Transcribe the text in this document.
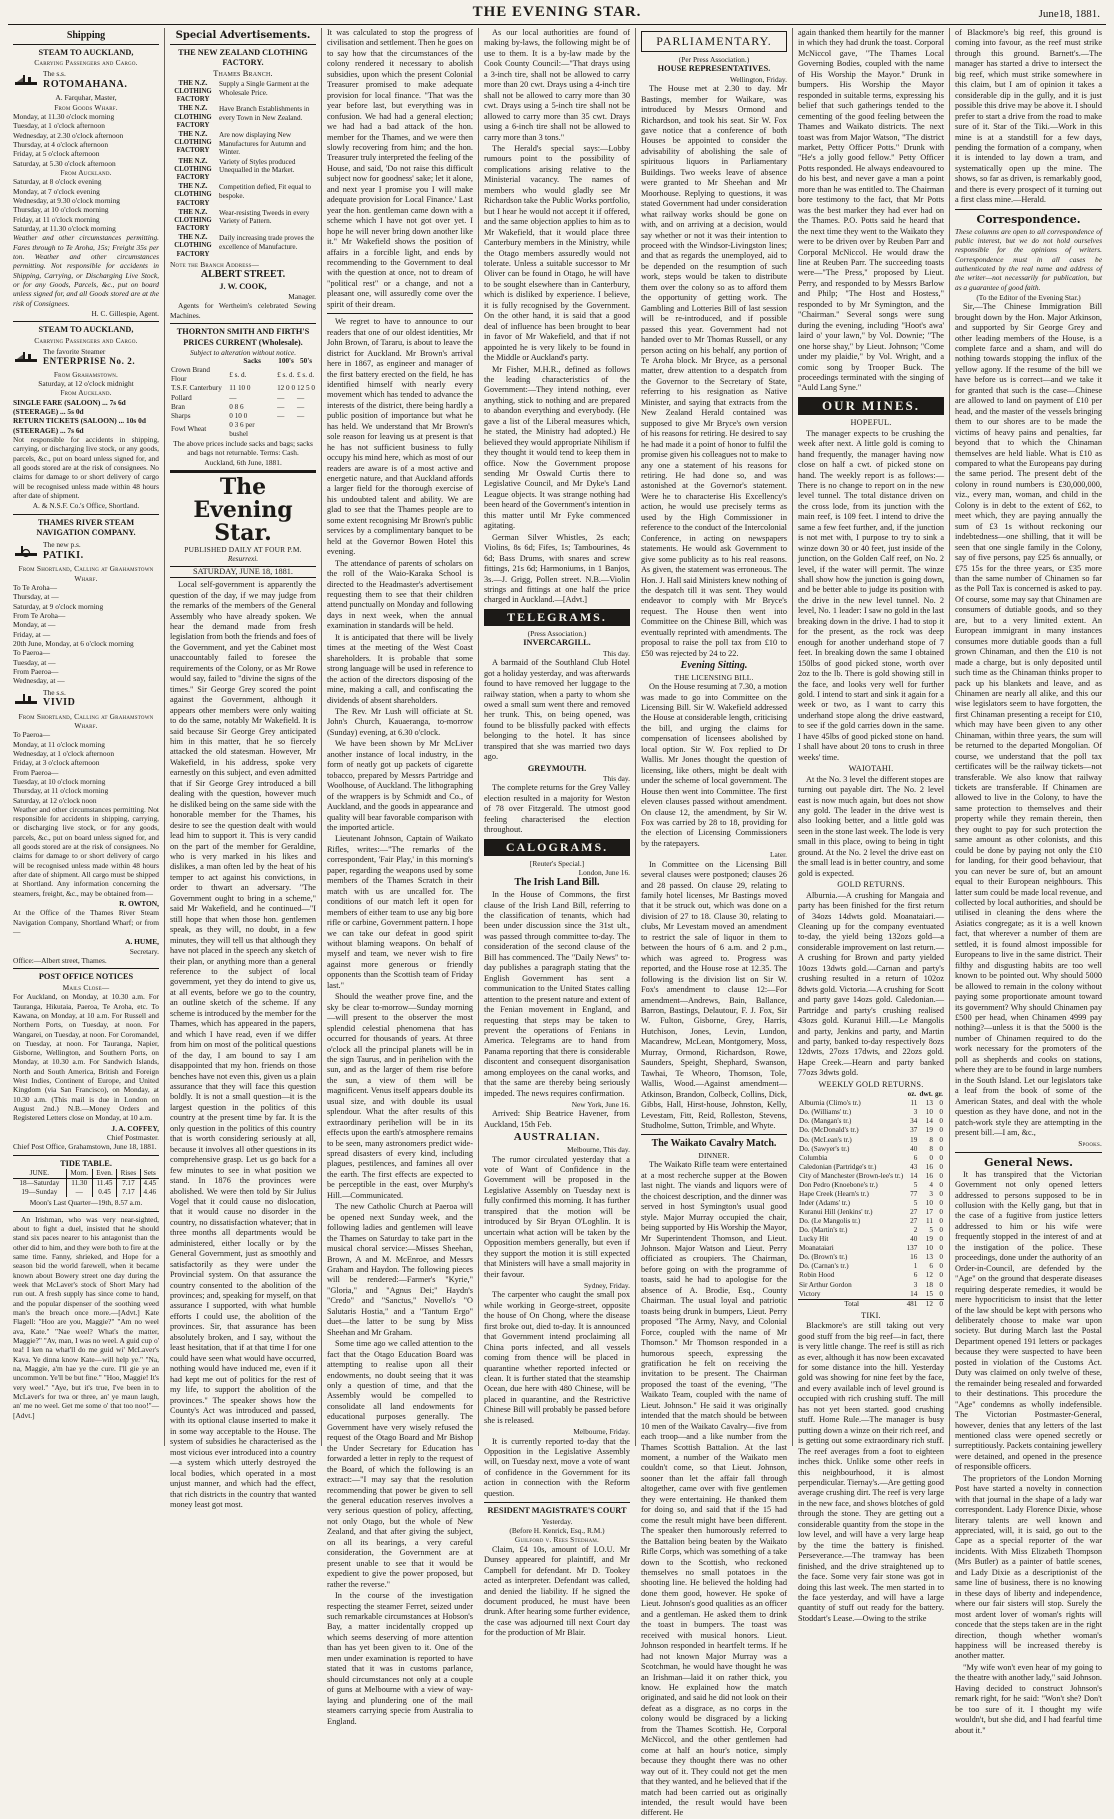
THE EVENING STAR.	June18, 1881.
Shipping
STEAM TO AUCKLAND,
Carrying Passengers and Cargo.
The s.s.
ROTOMAHANA.
A. Farquhar, Master,
From Goods Wharf.
Monday, at 11.30 o'clock morning
Tuesday, at 1 o'clock afternoon
Wednesday, at 2.30 o'clock afternoon
Thursday, at 4 o'clock afternoon
Friday, at 5 o'clock afternoon
Saturday, at 5.30 o'clock afternoon
From Auckland.
Saturday, at 8 o'clock evening
Monday, at 7 o'clock evening
Wednesday, at 9.30 o'clock morning
Thursday, at 10 o'clock morning
Friday, at 11 o'clock morning
Saturday, at 11.30 o'clock morning

Weather and other circumstances permitting. Fares through to Te Aroha, 15s; Freight 35s per ton. Weather and other circumstances permitting. Not responsible for accidents in Shipping, Carrying, or Discharging Live Stock, or for any Goods, Parcels, &c., put on board unless signed for, and all Goods stored are at the risk of Consignees.

H. C. Gillespie, Agent.
STEAM TO AUCKLAND,
Carrying Passengers and Cargo.
The favorite Steamer
ENTERPRISE No. 2.
From Grahamstown.
Saturday, at 12 o'clock midnight
From Auckland.
SINGLE FARE (SALOON) ... 7s 6d
(STEERAGE) ... 5s 0d
RETURN TICKETS (SALOON) ... 10s 0d
(STEERAGE) ... 7s 6d

Not responsible for accidents in shipping, carrying, or discharging live stock, or any goods, parcels, &c., put on board unless signed for, and all goods stored are at the risk of consignees. No claims for damage to or short delivery of cargo will be recognised unless made within 48 hours after date of shipment.

A. & N.S.F. Co.'s Office, Shortland.
THAMES RIVER STEAM NAVIGATION COMPANY.
The new p.s.
PATIKI.
From Shortland, Calling at Grahamstown Wharf.
To Te Aroha—
Thursday, at —
Saturday, at 9 o'clock morning
From Te Aroha—
Monday, at —
Friday, at —
20th June, Monday, at 6 o'clock morning
To Paeroa—
Tuesday, at —
From Paeroa—
Wednesday, at —
The s.s.
VIVID
From Shortland, Calling at Grahamstown Wharf.
To Paeroa—
Monday, at 11 o'clock morning
Wednesday, at 1 o'clock afternoon
Friday, at 3 o'clock afternoon
From Paeroa—
Tuesday, at 10 o'clock morning
Thursday, at 11 o'clock morning
Saturday, at 12 o'clock noon

Weather and other circumstances permitting. Not responsible for accidents in shipping, carrying, or discharging live stock, or for any goods, parcels, &c., put on board unless signed for, and all goods stored are at the risk of consignees. No claims for damage to or short delivery of cargo will be recognised unless made within 48 hours after date of shipment. All cargo must be shipped at Shortland. Any information concerning the steamers, freight, &c., may be obtained from—

R. OWTON,

At the Office of the Thames River Steam Navigation Company, Shortland Wharf; or from—

A. HUME,
Secretary.
Office:—Albert street, Thames.
POST OFFICE NOTICES
Mails Close—

For Auckland, on Monday, at 10.30 a.m. For Tauranga, Hikutaia, Paeroa, Te Aroha, etc. To Kawana, on Monday, at 10 a.m. For Russell and Northern Ports, on Tuesday, at noon. For Wangarei, on Tuesday, at noon. For Coromandel, on Tuesday, at noon. For Tauranga, Napier, Gisborne, Wellington, and Southern Ports, on Monday, at 10.30 a.m. For Sandwich Islands, North and South America, British and Foreign West Indies, Continent of Europe, and United Kingdom (via San Francisco), on Monday, at 10.30 a.m. (This mail is due in London on August 2nd.) N.B.—Money Orders and Registered Letters close on Monday, at 10 a.m.

J. A. COFFEY,
Chief Postmaster.
Chief Post Office, Grahamstown, June 18, 1881.
TIDE TABLE.
JUNE.	Morn.	Even.	Rises	Sets
18—Saturday	11.30	11.45	7.17	4.45
19—Sunday	—	0.45	7.17	4.46
Moon's Last Quarter—19th, 8.57 a.m.

An Irishman, who was very near-sighted, about to fight a duel, insisted that he should stand six paces nearer to his antagonist than the other did to him, and they were both to fire at the same time. Fanny, shrieked, and Hope for a season bid the world farewell, when it became known about Bowery street one day during the week that McLaver's stock of Short Mary had run out. A fresh supply has since come to hand, and the popular dispenser of the soothing weed man's the breach once more.—[Advt.] Kate Flagell: "Hoo are you, Maggie?" "Am no weel ava, Kate." "Nae weel? What's the matter, Maggie?" "Av, man, I was no weel. A guid cup o' tea! I ken na what'll do me guid wi' McLaver's Kava. Ye dinna know Kate—will help ye." "Na, na, Maggie, a'm hae ye the cure. I'll gie ye an uncommon. Ye'll be but fine." "Hoo, Maggie! It's very weel." "Aye, but it's true, I've been in to McLaver's for twa or three, an' ye maun laugh, an' me no weel. Get me some o' that too noo!"—[Advt.]

Special Advertisements.
THE NEW ZEALAND CLOTHING FACTORY.
Thames Branch.
THE N.Z. CLOTHING FACTORY
Supply a Single Garment at the Wholesale Price.
THE N.Z. CLOTHING FACTORY
Have Branch Establishments in every Town in New Zealand.
THE N.Z. CLOTHING FACTORY
Are now displaying New Manufactures for Autumn and Winter.
THE N.Z. CLOTHING FACTORY
Variety of Styles produced Unequalled in the Market.
THE N.Z. CLOTHING FACTORY
Competition defied, Fit equal to bespoke.
THE N.Z. CLOTHING FACTORY
Wear-resisting Tweeds in every Variety of Pattern.
THE N.Z. CLOTHING FACTORY
Daily increasing trade proves the excellence of Manufacture.
Note the Branch Address—
ALBERT STREET.
J. W. COOK,
Manager.

Agents for Wertheim's celebrated Sewing Machines.

THORNTON SMITH AND FIRTH'S PRICES CURRENT (Wholesale).
Subject to alteration without notice.
	Sacks	100's	50's
Crown Brand Flour	£ s. d.	£ s. d.	£ s. d.
T.S.F. Canterbury	11 10 0	12 0 0	12 5 0
Pollard	—	—	—
Bran	0 8 6	—	—
Sharps	0 10 0	—	—
Fowl Wheat	0 3 6 per bushel		
The above prices include sacks and bags; sacks and bags not returnable. Terms: Cash.
Auckland, 6th June, 1881.
The Evening Star.
PUBLISHED DAILY AT FOUR P.M.
Resurrexi.
SATURDAY, JUNE 18, 1881.

Local self-government is apparently the question of the day, if we may judge from the remarks of the members of the General Assembly who have already spoken. We hear the demand made from fresh legislation from both the friends and foes of the Government, and yet the Cabinet most unaccountably failed to foresee the requirements of the Colony, or as Mr Rowe would say, failed to "divine the signs of the times." Sir George Grey scored the point against the Government, although it appears other members were only waiting to do the same, notably Mr Wakefield. It is said because Sir George Grey anticipated him in this matter, that he so fiercely attacked the old statesman. However, Mr Wakefield, in his address, spoke very earnestly on this subject, and even admitted that if Sir George Grey introduced a bill dealing with the question, however much he disliked being on the same side with the honorable member for the Thames, his desire to see the question dealt with would lead him to support it. This is very candid on the part of the member for Geraldine, who is very marked in his likes and dislikes, a man often led by the heat of his temper to act against his convictions, in order to thwart an adversary. "The Government ought to bring in a scheme," said Mr Wakefield, and he continued—"I still hope that when those hon. gentlemen speak, as they will, no doubt, in a few minutes, they will tell us that although they have not placed in the speech any sketch of their plan, or anything more than a general reference to the subject of local government, yet they do intend to give us, at all events, before we go to the country, an outline sketch of the scheme. If any scheme is introduced by the member for the Thames, which has appeared in the papers, and which I have read, even if we differ from him on most of the political questions of the day, I am bound to say I am disappointed that my hon. friends on those benches have not even this, given us a plain assurance that they will face this question boldly. It is not a small question—it is the largest question in the politics of this country at the present time by far. It is the only question in the politics of this country that is worth considering seriously at all, because it involves all other questions in its comprehensive grasp. Let us go back for a few minutes to see in what position we stand. In 1876 the provinces were abolished. We were then told by Sir Julius Vogel that it could cause no dislocation, that it would cause no disorder in the country, no dissatisfaction whatever; that in three months all departments would be administered, either locally or by the General Government, just as smoothly and satisfactorily as they were under the Provincial system. On that assurance the country consented to the abolition of the provinces; and, speaking for myself, on that assurance I supported, with what humble efforts I could use, the abolition of the provinces. Sir, that assurance has been absolutely broken, and I say, without the least hesitation, that if at that time I for one could have seen what would have occurred, nothing would have induced me, even if it had kept me out of politics for the rest of my life, to support the abolition of the provinces." The speaker shows how the County's Act was introduced and passed, with its optional clause inserted to make it in some way acceptable to the House. The system of subsidies he characterised as the most vicious ever introduced into a country—a system which utterly destroyed the local bodies, which operated in a most unjust manner, and which had the effect, that rich districts in the country that wanted money least got most.

It was calculated to stop the progress of civilisation and settlement. Then he goes on to say how that the circumstances of the colony rendered it necessary to abolish subsidies, upon which the present Colonial Treasurer promised to make adequate provision for local finance. "That was the year before last, but everything was in confusion. We had had a general election; we had had a bad attack of the hon. member for the Thames, and we were then slowly recovering from him; and the hon. Treasurer truly interpreted the feeling of the House, and said, 'Do not raise this difficult subject now for goodness' sake; let it alone, and next year I promise you I will make adequate provision for Local Finance.' Last year the hon. gentleman came down with a scheme which I have not got over yet. I hope he will never bring down another like it." Mr Wakefield shows the position of affairs in a forcible light, and ends by recommending to the Government to deal with the question at once, not to dream of "political rest" or a change, and not a pleasant one, will assuredly come over the spirit of their dream.

We regret to have to announce to our readers that one of our oldest identities, Mr John Brown, of Tararu, is about to leave the district for Auckland. Mr Brown's arrival here in 1867, as engineer and manager of the first battery erected on the field, he has identified himself with nearly every movement which has tended to advance the interests of the district, there being hardly a public position of importance but what he has held. We understand that Mr Brown's sole reason for leaving us at present is that he has not sufficient business to fully occupy his mind here, which as most of our readers are aware is of a most active and energetic nature, and that Auckland affords a larger field for the thorough exercise of his undoubted talent and ability. We are glad to see that the Thames people are to some extent recognising Mr Brown's public services by a complimentary banquet to be held at the Governor Bowen Hotel this evening.

The attendance of parents of scholars on the roll of the Waio-Karaka School is directed to the Headmaster's advertisement requesting them to see that their children attend punctually on Monday and following days in next week, when the annual examination in standards will be held.

It is anticipated that there will be lively times at the meeting of the West Coast shareholders. It is probable that some strong language will be used in reference to the action of the directors disposing of the mine, making a call, and confiscating the dividends of absent shareholders.

The Rev. Mr Lush will officiate at St. John's Church, Kauaeranga, to-morrow (Sunday) evening, at 6.30 o'clock.

We have been shown by Mr McLiver another instance of local industry, in the form of neatly got up packets of cigarette tobacco, prepared by Messrs Partridge and Woolhouse, of Auckland. The lithographing of the wrappers is by Schmidt and Co., of Auckland, and the goods in appearance and quality will bear favorable comparison with the imported article.

Lieutenant Johnson, Captain of Waikato Rifles, writes:—"The remarks of the correspondent, 'Fair Play,' in this morning's paper, regarding the weapons used by some members of the Thames Scratch in their match with us are uncalled for. The conditions of our match left it open for members of either team to use any big bore rifle or carbine, Government pattern. I hope we can take our defeat in good spirit without blaming weapons. On behalf of myself and team, we never wish to fire against more generous or friendly opponents than the Scottish team of Friday last."

Should the weather prove fine, and the sky be clear to-morrow—Sunday morning—will present to the observer the most splendid celestial phenomena that has occurred for thousands of years. At three o'clock all the principal planets will be in the sign Taurus, and in perihelion with the sun, and as the larger of them rise before the sun, a view of them will be magnificent. Venus itself appears double its usual size, and with double its usual splendour. What the after results of this extraordinary perihelion will be in its effects upon the earth's atmosphere remains to be seen, many astronomers predict wide-spread disasters of every kind, including plagues, pestilences, and famines all over the earth. The first effects are expected to be perceptible in the east, over Murphy's Hill.—Communicated.

The new Catholic Church at Paeroa will be opened next Sunday week, and the following ladies and gentlemen will leave the Thames on Saturday to take part in the musical choral service:—Misses Sheehan, Brown, A and M. McEnroe, and Messrs Graham and Haydon. The following pieces will be rendered:—Farmer's "Kyrie," "Gloria," and "Agnus Dei;" Haydn's "Credo" and "Sanctus," Novello's "O Salutaris Hostia," and a "Tantum Ergo" duet—the latter to be sung by Miss Sheehan and Mr Graham.

Some time ago we called attention to the fact that the Otago Education Board was attempting to realise upon all their endowments, no doubt seeing that it was only a question of time, and that the Assembly would be compelled to consolidate all land endowments for educational purposes generally. The Government have very wisely refused the request of the Otago Board and Mr Bishop the Under Secretary for Education has forwarded a letter in reply to the request of the Board, of which the following is an extract:—"I may say that the resolution recommending that power be given to sell the general education reserves involves a very serious question of policy, affecting, not only Otago, but the whole of New Zealand, and that after giving the subject, on all its bearings, a very careful consideration, the Government are at present unable to see that it would be expedient to give the power proposed, but rather the reverse."

In the course of the investigation respecting the steamer Ferret, seized under such remarkable circumstances at Hobson's Bay, a matter incidentally cropped up which seems deserving of more attention than has yet been given to it. One of the men under examination is reported to have stated that it was in customs parlance, should circumstances not only at a couple of guns at Melbourne with a view of way-laying and plundering one of the mail steamers carrying specie from Australia to England.

As our local authorities are found of making by-laws, the following might be of use to them. It is a by-law made by the Cook County Council:—"That drays using a 3-inch tire, shall not be allowed to carry more than 20 cwt. Drays using a 4-inch tire shall not be allowed to carry more than 30 cwt. Drays using a 5-inch tire shall not be allowed to carry more than 35 cwt. Drays using a 6-inch tire shall not be allowed to carry more than 3 tons."

The Herald's special says:—Lobby rumours point to the possibility of complications arising relative to the Ministerial vacancy. The names of members who would gladly see Mr Richardson take the Public Works portfolio, but I hear he would not accept it if offered, and the same objection applies to him as to Mr Wakefield, that it would place three Canterbury members in the Ministry, while the Otago members assuredly would not tolerate. Unless a suitable successor to Mr Oliver can be found in Otago, he will have to be sought elsewhere than in Canterbury, which is disliked by experience. I believe, it is fully recognised by the Government. On the other hand, it is said that a good deal of influence has been brought to bear in favor of Mr Wakefield, and that if not appointed he is very likely to be found in the Middle or Auckland's party.

Mr Fisher, M.H.R., defined as follows the leading characteristics of the Government:—They intend nothing, ever anything, stick to nothing and are prepared to abandon everything and everybody. (He gave a list of the Liberal measures which, he stated, the Ministry had adopted.) He believed they would appropriate Nihilism if they thought it would tend to keep them in office. Now the Government propose sending Mr Oswald Curtis there to Legislative Council, and Mr Dyke's Land League objects. It was strange nothing had been heard of the Government's intention in this matter until Mr Fyke commenced agitating.

German Silver Whistles, 2s each; Violins, 8s 6d; Fifes, 1s; Tambourines, 4s 6d; Bass Drums, with snares and screw fittings, 21s 6d; Harmoniums, in 1 Banjos, 3s.—J. Grigg, Pollen street. N.B.—Violin strings and fittings at one half the price charged in Auckland.—[Advt.]

TELEGRAMS.
(Press Association.)
INVERCARGILL.
This day.

A barmaid of the Southland Club Hotel got a holiday yesterday, and was afterwards found to have removed her luggage to the railway station, when a party to whom she owed a small sum went there and removed her trunk. This, on being opened, was found to be blissfully packed with effects belonging to the hotel. It has since transpired that she was married two days ago.

GREYMOUTH.
This day.

The complete returns for the Grey Valley election resulted in a majority for Weston of 78 over Fitzgerald. The utmost good feeling characterised the election throughout.

CALOGRAMS.
[Reuter's Special.]
London, June 16.
The Irish Land Bill.

In the House of Commons, the first clause of the Irish Land Bill, referring to the classification of tenants, which had been under discussion since the 31st ult., was passed through committee to-day. The consideration of the second clause of the Bill has commenced. The "Daily News" to-day publishes a paragraph stating that the English Government has sent a communication to the United States calling attention to the present nature and extent of the Fenian movement in England, and requesting that steps may be taken to prevent the operations of Fenians in America. Telegrams are to hand from Panama reporting that there is considerable discontent and consequent disorganisation among employees on the canal works, and that the same are thereby being seriously impeded. The news requires confirmation.

New York, June 16.

Arrived: Ship Beatrice Havener, from Auckland, 15th Feb.

AUSTRALIAN.
Melbourne, This day.

The rumor circulated yesterday that a vote of Want of Confidence in the Government will be proposed in the Legislative Assembly on Tuesday next is fully confirmed this morning. It has further transpired that the motion will be introduced by Sir Bryan O'Loghlin. It is uncertain what action will be taken by the Opposition members generally, but even if they support the motion it is still expected that Ministers will have a small majority in their favour.

Sydney, Friday.

The carpenter who caught the small pox while working in George-street, opposite the house of On Chong, where the disease first broke out, died to-day. It is announced that Government intend proclaiming all China ports infected, and all vessels coming from thence will be placed in quarantine whether reported infected or clean. It is further stated that the steamship Ocean, due here with 480 Chinese, will be placed in quarantine, and the Restrictive Chinese Bill will probably be passed before she is released.

Melbourne, Friday.

It is currently reported to-day that the Opposition in the Legislative Assembly will, on Tuesday next, move a vote of want of confidence in the Government for its action in connection with the Reform question.

RESIDENT MAGISTRATE'S COURT
Yesterday.
(Before H. Kenrick, Esq., R.M.)
Guilford v. Rees Stedham.

Claim, £4 10s, amount of I.O.U. Mr Dunsey appeared for plaintiff, and Mr Campbell for defendant. Mr D. Tookey acted as interpreter. Defendant was called, and denied the liability. If he signed the document produced, he must have been drunk. After hearing some further evidence, the case was adjourned till next Court day for the production of Mr Blair.

PARLIAMENTARY.
(Per Press Association.)
HOUSE REPRESENTATIVES.
Wellington, Friday.

The House met at 2.30 to day. Mr Bastings, member for Waikare, was introduced by Messrs Ormond and Richardson, and took his seat. Sir W. Fox gave notice that a conference of both Houses be appointed to consider the advisability of abolishing the sale of spirituous liquors in Parliamentary Buildings. Two weeks leave of absence were granted to Mr Sheehan and Mr Moorhouse. Replying to questions, it was stated Government had under consideration what railway works should be gone on with, and on arriving at a decision, would say whether or not it was their intention to proceed with the Windsor-Livingston lines; and that as regards the unemployed, aid to be depended on the resumption of such work, steps would be taken to distribute them over the colony so as to afford them the opportunity of getting work. The Gambling and Lotteries Bill of last session will be re-introduced, and if possible passed this year. Government had not handed over to Mr Thomas Russell, or any person acting on his behalf, any portion of Te Aroha block. Mr Bryce, as a personal matter, drew attention to a despatch from the Governor to the Secretary of State, referring to his resignation as Native Minister, and saying that extracts from the New Zealand Herald contained was supposed to give Mr Bryce's own version of his reasons for retiring. He desired to say he had made it a point of honor to fulfil the promise given his colleagues not to make to any one a statement of his reasons for retiring. He had done so, and was astonished at the Governor's statement. Were he to characterise His Excellency's action, he would use precisely terms as used by the High Commissioner in reference to the conduct of the Intercolonial Conference, in acting on newspapers statements. He would ask Government to give some publicity as to his real reasons. As given, the statement was erroneous. The Hon. J. Hall said Ministers knew nothing of the despatch till it was sent. They would endeavor to comply with Mr Bryce's request. The House then went into Committee on the Chinese Bill, which was eventually reprinted with amendments. The proposal to raise the poll tax from £10 to £50 was rejected by 24 to 22.

Evening Sitting.
THE LICENSING BILL.

On the House resuming at 7.30, a motion was made to go into Committee on the Licensing Bill. Sir W. Wakefield addressed the House at considerable length, criticising the bill, and urging the claims for compensation of licensees abolished by local option. Sir W. Fox replied to Dr Wallis. Mr Jones thought the question of licensing, like others, might be dealt with under the scheme of local government. The House then went into Committee. The first eleven clauses passed without amendment. On clause 12, the amendment, by Sir W. Fox was carried by 28 to 18, providing for the election of Licensing Commissioners by the ratepayers.

Later.

In Committee on the Licensing Bill several clauses were postponed; clauses 26 and 28 passed. On clause 29, relating to family hotel licenses, Mr Bastings moved that it be struck out, which was done on a division of 27 to 18. Clause 30, relating to clubs, Mr Levestam moved an amendment to restrict the sale of liquor in them to between the hours of 6 a.m. and 2 p.m., which was agreed to. Progress was reported, and the House rose at 12.35. The following is the division list on Sir W. Fox's amendment to clause 12:—For amendment—Andrews, Bain, Ballance, Barron, Bastings, Delautour, F. J. Fox, Sir W. Fulton, Gisborne, Grey, Harris, Hutchison, Jones, Levin, Lundon, Macandrew, McLean, Montgomery, Moss, Murray, Ormond, Richardson, Rowe, Saunders, Speight, Shephard, Swanson, Tawhai, Te Wheoro, Thomson, Tole, Wallis, Wood.—Against amendment—Atkinson, Brandon, Colbeck, Collins, Dick, Gibbs, Hall, Hirst-house, Johnston, Kelly, Levestam, Fitt, Reid, Rolleston, Stevens, Studholme, Sutton, Trimble, and Whyte.

The Waikato Cavalry Match.
DINNER.

The Waikato Rifle team were entertained at a most recherche supper at the Bowen last night. The viands and liquors were of the choicest description, and the dinner was served in host Symington's usual good style. Major Murray occupied the chair, being supported by His Worship the Mayor, Mr Superintendent Thomson, and Lieut. Johnson. Major Watson and Lieut. Perry officiated as croupiers. The Chairman, before going on with the programme of toasts, said he had to apologise for the absence of A. Brodie, Esq., County Chairman. The usual loyal and patriotic toasts being drunk in bumpers, Lieut. Perry proposed "The Army, Navy, and Colonial Force, coupled with the name of Mr Thomson." Mr Thomson responded in a humorous speech, expressing the gratification he felt on receiving the invitation to be present. The Chairman proposed the toast of the evening, "The Waikato Team, coupled with the name of Lieut. Johnson." He said it was originally intended that the match should be between 10 men of the Waikato Cavalry—five from each troop—and a like number from the Thames Scottish Battalion. At the last moment, a number of the Waikato men couldn't come, so that Lieut. Johnson, sooner than let the affair fall through altogether, came over with five gentlemen they were entertaining. He thanked them for doing so, and said that if the 15 had come the result might have been different. The speaker then humorously referred to the Battalion being beaten by the Waikato Rifle Corps, which was something of a take down to the Scottish, who reckoned themselves no small potatoes in the shooting line. He believed the holding had done them good, however. He spoke of Lieut. Johnson's good qualities as an officer and a gentleman. He asked them to drink the toast in bumpers. The toast was received with musical honors. Lieut. Johnson responded in heartfelt terms. If he had not known Major Murray was a Scotchman, he would have thought he was an Irishman—laid it on rather thick, you know. He explained how the match originated, and said he did not look on their defeat as a disgrace, as no corps in the colony would be disgraced by a licking from the Thames Scottish. He, Corporal McNiccol, and the other gentlemen had come at half an hour's notice, simply because they thought there was no other way out of it. They could not get the men that they wanted, and he believed that if the match had been carried out as originally intended, the result would have been different. He

again thanked them heartily for the manner in which they had drunk the toast. Corporal McNiccol gave, "The Thames Local Governing Bodies, coupled with the name of His Worship the Mayor." Drunk in bumpers. His Worship the Mayor responded in suitable terms, expressing his belief that such gatherings tended to the cementing of the good feeling between the Thames and Waikato districts. The next toast was from Major Watson, "The district market, Petty Officer Potts." Drunk with "He's a jolly good fellow." Petty Officer Potts responded. He always endeavoured to do his best, and never gave a man a point more than he was entitled to. The Chairman bore testimony to the fact, that Mr Potts was the best marker they had ever had on the Thames. P.O. Potts said he heard that the next time they went to the Waikato they were to be driven over by Reuben Parr and Corporal McNiccol. He would draw the line at Reuben Parr. The succeeding toasts were—"The Press," proposed by Lieut. Perry, and responded to by Messrs Barlow and Philp; "The Host and Hostess," responded to by Mr Symington, and the "Chairman." Several songs were sung during the evening, including "Hoot's awa' laird o' your lawn," by Vol. Downie; "The one horse shay," by Lieut. Johnson; "Come under my plaidie," by Vol. Wright, and a comic song by Trooper Buck. The proceedings terminated with the singing of "Auld Lang Syne."

OUR MINES.
HOPEFUL.

The manager expects to be crushing the week after next. A little gold is coming to hand frequently, the manager having now close on half a cwt. of picked stone on hand. The weekly report is as follows:—There is no change to report on in the new level tunnel. The total distance driven on the cross lode, from its junction with the main reef, is 109 feet. I intend to drive the same a few feet further, and, if the junction is not met with, I purpose to try to sink a winze down 30 or 40 feet, just inside of the junction, on the Golden Calf reef, on No. 2 level, if the water will permit. The winze shall show how the junction is going down, and be better able to judge its position with the drive in the new level tunnel. No. 2 level, No. 1 leader: I saw no gold in the last breaking down in the drive. I had to stop it for the present, as the rock was deep enough for another underhand stope of 7 feet. In breaking down the same I obtained 150lbs of good picked stone, worth over 2oz to the lb. There is gold showing still in the face, and looks very well for further gold. I intend to start and sink it again for a week or two, as I want to carry this underhand stope along the drive eastward, to see if the gold carries down in the same. I have 45lbs of good picked stone on hand. I shall have about 20 tons to crush in three weeks' time.

WAIOTAHI.

At the No. 3 level the different stopes are turning out payable dirt. The No. 2 level east is now much again, but does not show any gold. The leader in the drive west is also looking better, and a little gold was seen in the stone last week. The lode is very small in this place, owing to being in tight ground. At the No. 2 level the drive east on the small lead is in better country, and some gold is expected.

GOLD RETURNS.

Alburnia.—A crushing for Mangaia and party has been finished for the first return of 34ozs 14dwts gold. Moanataiari.—Cleaning up for the company eventuated to-day, the yield being 132ozs gold—a considerable improvement on last return.—A crushing for Brown and party yielded 10ozs 13dwts gold.—Carnan and party's crushing resulted in a return of 102oz 8dwts gold. Victoria.—A crushing for Scott and party gave 14ozs gold. Caledonian.—Partridge and party's crushing realised 43ozs gold. Kuranui Hill.—Le Mangolis and party, Jenkins and party, and Martin and party, banked to-day respectively 8ozs 12dwts, 27ozs 17dwts, and 22ozs gold. Hape Creek.—Hearn and party banked 77ozs 3dwts gold.

WEEKLY GOLD RETURNS.
	oz.	dwt.	gr.
Alburnia (Climo's tr.)	11	13	0
Do. (Williams' tr.)	3	10	0
Do. (Mangan's tr.)	34	14	0
Do. (McDonald's tr.)	37	19	0
Do. (McLean's tr.)	19	8	0
Do. (Sawyer's tr.)	40	8	0
Columbia	6	0	0
Caledonian (Partridge's tr.)	43	16	0
City of Manchester (Brown-lee's tr.)	14	16	0
Don Pedro (Knoebone's tr.)	5	4	0
Hape Creek (Hearn's tr.)	77	3	0
Inder (Adams' tr.)	5	10	0
Kuranui Hill (Jenkins' tr.)	27	17	0
Do. (Le Mangolis tr.)	27	11	0
Do. (Martin's tr.)	2	5	0
Lucky Hit	40	19	0
Moanataiari	137	10	0
Do. (Brown's tr.)	16	13	0
Do. (Carnan's tr.)	1	6	0
Robin Hood	6	12	0
Sir Arthur Gordon	3	18	0
Victory	14	15	0
Total	481	12	0
TIKI.

Blackmore's are still taking out very good stuff from the big reef—in fact, there is very little change. The reef is still as rich as ever, although it has now been excavated for some distance into the hill. Yesterday gold was showing for nine feet by the face, and every available inch of level ground is occupied with rich crushing stuff. The mill has not yet been started. good crushing stuff. Home Rule.—The manager is busy putting down a winze on their rich reef, and is getting out some extraordinary rich stuff. The reef averages from a foot to eighteen inches thick. Unlike some other reefs in this neighbourhood, it is almost perpendicular. Tiernay's.—Are getting good average crushing dirt. The reef is very large in the new face, and shows blotches of gold through the stone. They are getting out a considerable quantity from the stope in the low level, and will have a very large heap by the time the battery is finished. Perseverance.—The tramway has been finished, and the drive straightened up to the face. Some very fair stone was got in doing this last week. The men started in to the face yesterday, and will have a large quantity of stuff out ready for the battery. Stoddart's Lease.—Owing to the strike

of Blackmore's big reef, this ground is coming into favour, as the reef must strike through this ground. Barnett's.—The manager has started a drive to intersect the big reef, which must strike somewhere in this claim, but I am of opinion it takes a considerable dip in the gully, and it is just possible this drive may be above it. I should prefer to start a drive from the road to make sure of it. Star of the Tiki.—Work in this mine is at a standstill for a few days, pending the formation of a company, when it is intended to lay down a tram, and systematically open up the mine. The shows, so far as driven, is remarkably good, and there is every prospect of it turning out a first class mine.—Herald.

Correspondence.

These columns are open to all correspondence of public interest, but we do not hold ourselves responsible for the opinions of writers. Correspondence must in all cases be authenticated by the real name and address of the writer—not necessarily for publication, but as a guarantee of good faith.

(To the Editor of the Evening Star.)

Sir,—The Chinese Immigration Bill brought down by the Hon. Major Atkinson, and supported by Sir George Grey and other leading members of the House, is a complete farce and a sham, and will do nothing towards stopping the influx of the yellow agony. If the resume of the bill we have before us is correct—and we take it for granted that such is the case—Chinese are allowed to land on payment of £10 per head, and the master of the vessels bringing them to our shores are to be made the victims of heavy pains and penalties, far beyond that to which the Chinaman themselves are held liable. What is £10 as compared to what the Europeans pay during the same period. The present debt of the colony in round numbers is £30,000,000, viz., every man, woman, and child in the Colony is in debt to the extent of £62, to meet which, they are paying annually the sum of £3 1s without reckoning our indebtedness—one shilling, that it will be seen that one single family in the Colony, say of five persons, pay £25 6s annually, or £75 15s for the three years, or £35 more than the same number of Chinamen so far as the Poll Tax is concerned is asked to pay. Of course, some may say that Chinamen are consumers of dutiable goods, and so they are, but to a very limited extent. An European immigrant in many instances consumes more dutiable goods than a full grown Chinaman, and then the £10 is not made a charge, but is only deposited until such time as the Chinaman thinks proper to pack up his blankets and leave, and as Chinamen are nearly all alike, and this our wise legislators seem to have forgotten, the first Chinaman presenting a receipt for £10, which may have been given to any other Chinaman, within three years, the sum will be returned to the departed Mongolian. Of course, we understand that the poll tax certificates will be the railway tickets—not transferable. We also know that railway tickets are transferable. If Chinamen are allowed to live in the Colony, to have the same protection to themselves and their property while they remain therein, then they ought to pay for such protection the same amount as other colonists, and this could be done by paying not only the £10 for landing, for their good behaviour, that you can never be sure of, but an amount equal to their European neighbours. This latter sum could be made local revenue, and collected by local authorities, and should be utilised in cleaning the dens where the Asiatics congregate; as it is a well known fact, that wherever a number of them are settled, it is found almost impossible for Europeans to live in the same district. Their filthy and disgusting habits are too well known to be pointed out. Why should 5000 be allowed to remain in the colony without paying some proportionate amount toward its government? Why should Chinamen pay £500 per head, when Chinamen 4999 pay nothing?—unless it is that the 5000 is the number of Chinamen required to do the work necessary for the promoters of the poll as shepherds and cooks on stations, where they are to be found in large numbers in the South Island. Let our legislators take a leaf from the book of some of the American States, and deal with the whole question as they have done, and not in the patch-work style they are attempting in the present bill.—I am, &c.,

Spooks.
General News.

It has transpired that the Victorian Government not only opened letters addressed to persons supposed to be in collusion with the Kelly gang, but that in the case of a fugitive from justice letters addressed to him or his wife were frequently stopped in the interest of and at the instigation of the police. These proceedings, done under the authority of an Order-in-Council, are defended by the "Age" on the ground that desperate diseases requiring desperate remedies, it would be mere hypocriticism to insist that the letter of the law should be kept with persons who deliberately choose to make war upon society. But during March last the Postal Department opened 191 letters or packages because they were suspected to have been posted in violation of the Customs Act. Duty was claimed on only twelve of these, the remainder being resealed and forwarded to their destinations. This procedure the "Age" condemns as wholly indefensible. The Victorian Postmaster-General, however, denies that any letters of the last mentioned class were opened secretly or surreptitiously. Packets containing jewellery were detained, and opened in the presence of responsible officers.

The proprietors of the London Morning Post have started a novelty in connection with that journal in the shape of a lady war correspondent. Lady Florence Dixie, whose literary talents are well known and appreciated, will, it is said, go out to the Cape as a special reporter of the war incidents. With Miss Elizabeth Thompson (Mrs Butler) as a painter of battle scenes, and Lady Dixie as a descriptionist of the same line of business, there is no knowing in these days of liberty and independence, where our fair sisters will stop. Surely the most ardent lover of woman's rights will concede that the steps taken are in the right direction, though whether woman's happiness will be increased thereby is another matter.

"My wife won't even hear of my going to the theatre with another lady," said Johnson. Having decided to construct Johnson's remark right, for he said: "Won't she? Don't be too sure of it. I thought my wife wouldn't, but she did, and I had fearful time about it."
